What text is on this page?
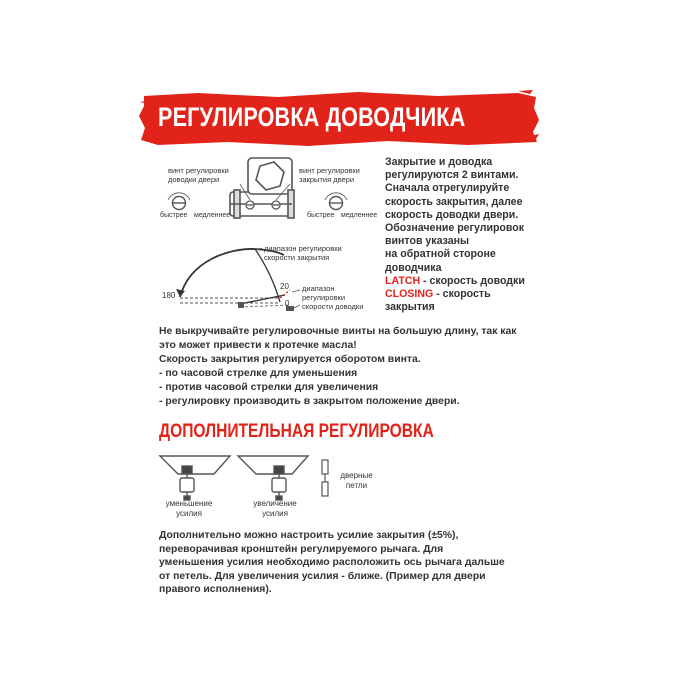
РЕГУЛИРОВКА ДОВОДЧИКА
винт регулировки
доводки двери
винт регулировки
закрытия двери
быстрее медленнее	быстрее медленнее
диапазон регулировки
скорости закрытия
диапазон
регулировки
скорости доводки
180
20
0
Закрытие и доводка
регулируются 2 винтами.
Сначала отрегулируйте
скорость закрытия, далее
скорость доводки двери.
Обозначение регулировок
винтов указаны
на обратной стороне
доводчика
LATCH - скорость доводки
CLOSING - скорость
закрытия
Не выкручивайте регулировочные винты на большую длину, так как
это может привести к протечке масла!
Скорость закрытия регулируется оборотом винта.
- по часовой стрелке для уменьшения
- против часовой стрелки для увеличения
- регулировку производить в закрытом положение двери.
ДОПОЛНИТЕЛЬНАЯ РЕГУЛИРОВКА
уменьшение
усилия
увеличение
усилия
дверные
петли
Дополнительно можно настроить усилие закрытия (±5%),
переворачивая кронштейн регулируемого рычага. Для
уменьшения усилия необходимо расположить ось рычага дальше
от петель. Для увеличения усилия - ближе. (Пример для двери
правого исполнения).
